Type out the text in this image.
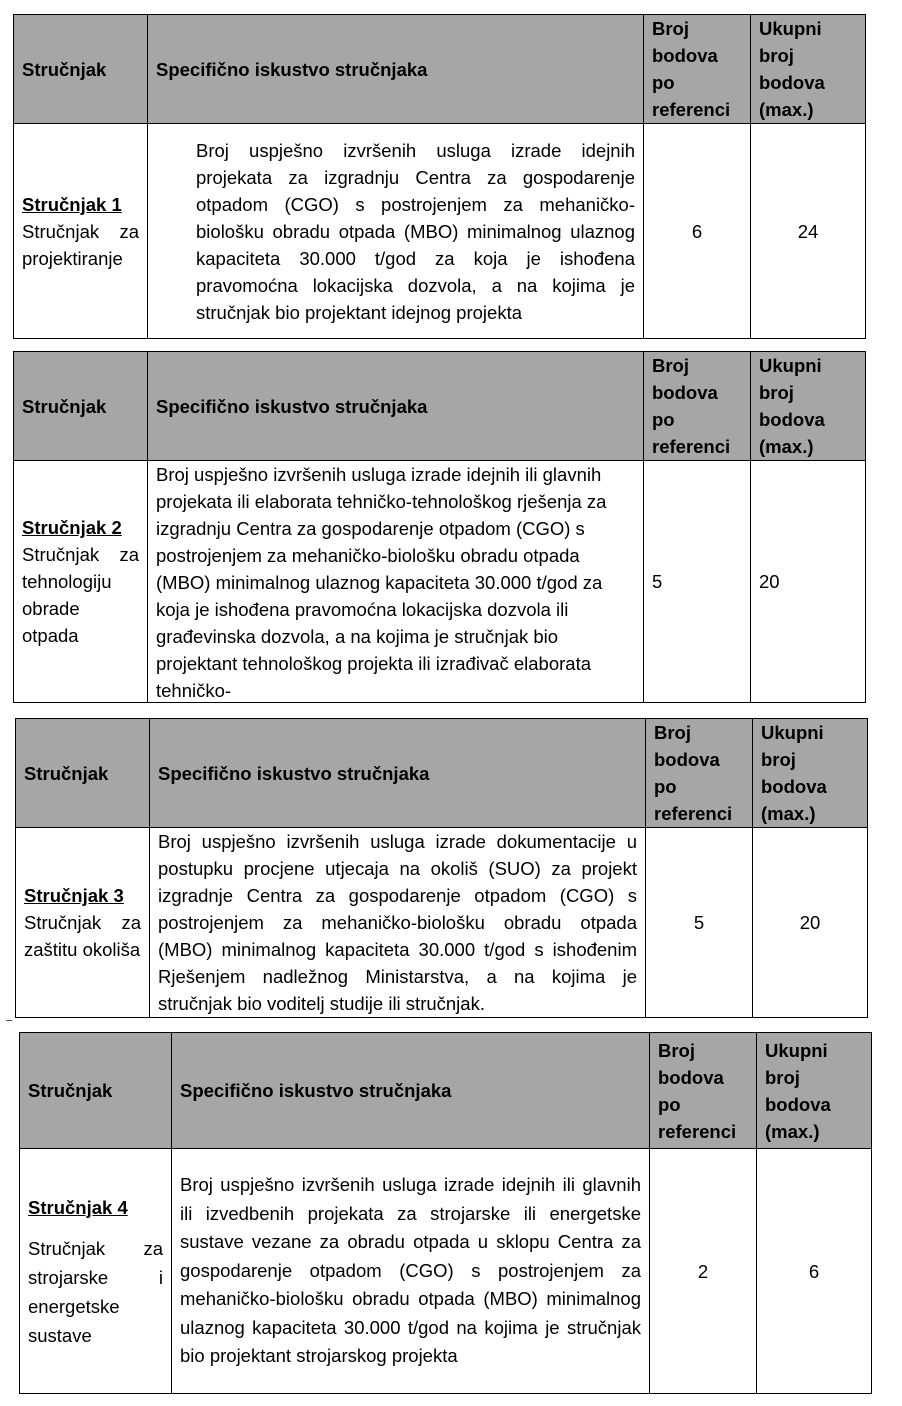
Stručnjak	Specifično iskustvo stručnjaka	Broj bodova po referenci	Ukupni broj bodova (max.)

Stručnjak 1
Stručnjak za projektiranje	Broj uspješno izvršenih usluga izrade idejnih projekata za izgradnju Centra za gospodarenje otpadom (CGO) s postrojenjem za mehaničko-biološku obradu otpada (MBO) minimalnog ulaznog kapaciteta 30.000 t/god za koja je ishođena pravomoćna lokacijska dozvola, a na kojima je stručnjak bio projektant idejnog projekta	6	24
Stručnjak	Specifično iskustvo stručnjaka	Broj bodova po referenci	Ukupni broj bodova (max.)

Stručnjak 2
Stručnjak za tehnologiju obrade otpada	Broj uspješno izvršenih usluga izrade idejnih ili glavnih projekata ili elaborata tehničko-tehnološkog rješenja za izgradnju Centra za gospodarenje otpadom (CGO) s postrojenjem za mehaničko-biološku obradu otpada (MBO) minimalnog ulaznog kapaciteta 30.000 t/god za koja je ishođena pravomoćna lokacijska dozvola ili građevinska dozvola, a na kojima je stručnjak bio projektant tehnološkog projekta ili izrađivač elaborata tehničko-	5	20
Stručnjak	Specifično iskustvo stručnjaka	Broj bodova po referenci	Ukupni broj bodova (max.)

Stručnjak 3
Stručnjak za zaštitu okoliša	Broj uspješno izvršenih usluga izrade dokumentacije u postupku procjene utjecaja na okoliš (SUO) za projekt izgradnje Centra za gospodarenje otpadom (CGO) s postrojenjem za mehaničko-biološku obradu otpada (MBO) minimalnog kapaciteta 30.000 t/god s ishođenim Rješenjem nadležnog Ministarstva, a na kojima je stručnjak bio voditelj studije ili stručnjak.	5	20
Stručnjak	Specifično iskustvo stručnjaka	Broj bodova po referenci	Ukupni broj bodova (max.)

Stručnjak 4
Stručnjak za strojarske i energetske sustave	Broj uspješno izvršenih usluga izrade idejnih ili glavnih ili izvedbenih projekata za strojarske ili energetske sustave vezane za obradu otpada u sklopu Centra za gospodarenje otpadom (CGO) s postrojenjem za mehaničko-biološku obradu otpada (MBO) minimalnog ulaznog kapaciteta 30.000 t/god na kojima je stručnjak bio projektant strojarskog projekta	2	6
